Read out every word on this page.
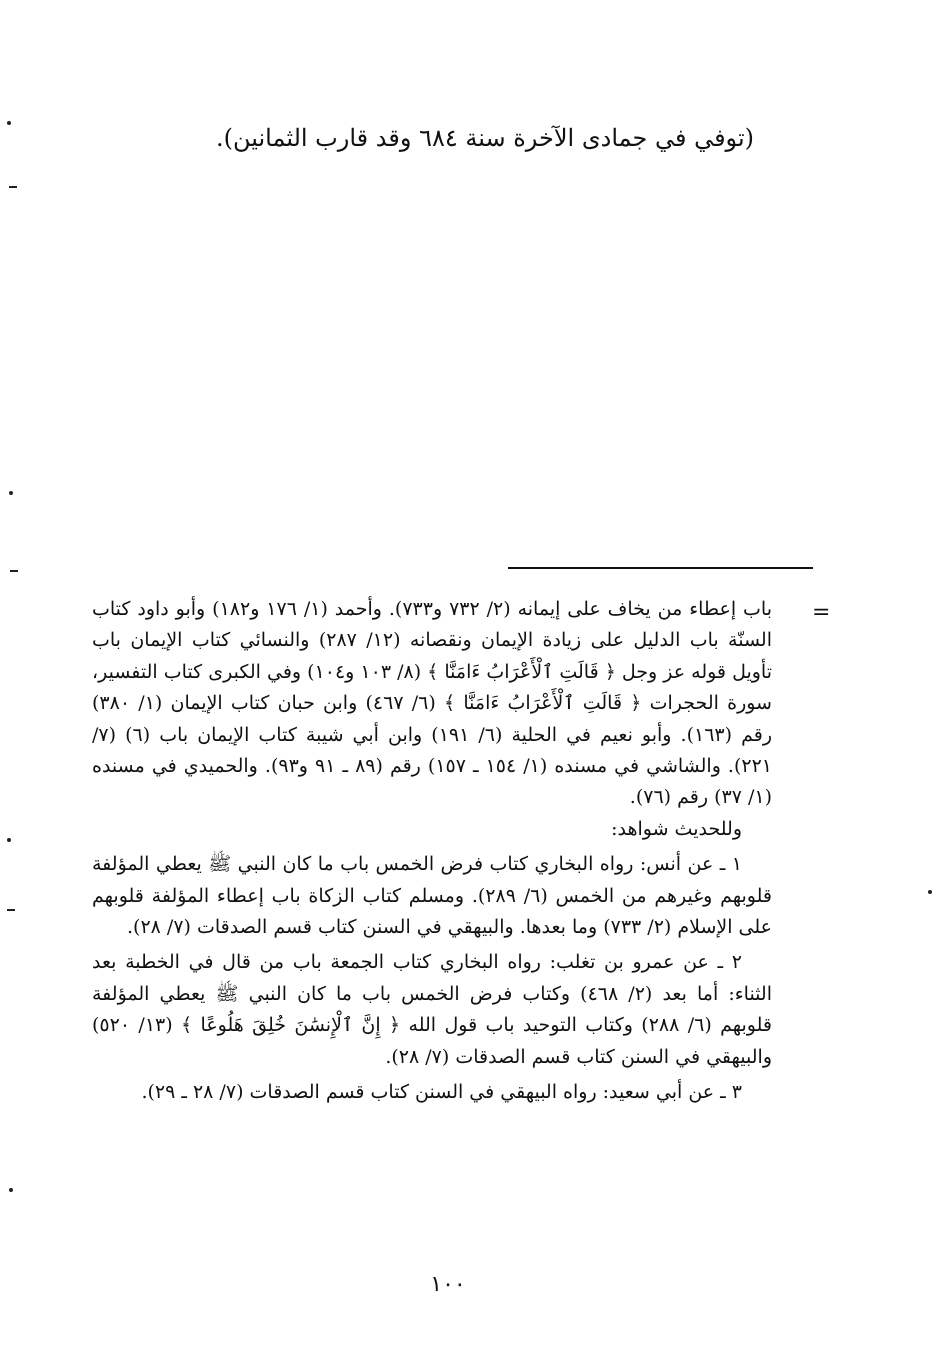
(توفي في جمادى الآخرة سنة ٦٨٤ وقد قارب الثمانين).
=

باب إعطاء من يخاف على إيمانه (٢/ ٧٣٢ و٧٣٣). وأحمد (١/ ١٧٦ و١٨٢) وأبو داود كتاب السنّة باب الدليل على زيادة الإيمان ونقصانه (١٢/ ٢٨٧) والنسائي كتاب الإيمان باب تأويل قوله عز وجل ﴿ قَالَتِ ٱلْأَعْرَابُ ءَامَنَّا ﴾ (٨/ ١٠٣ و١٠٤) وفي الكبرى كتاب التفسير، سورة الحجرات ﴿ قَالَتِ ٱلْأَعْرَابُ ءَامَنَّا ﴾ (٦/ ٤٦٧) وابن حبان كتاب الإيمان (١/ ٣٨٠) رقم (١٦٣). وأبو نعيم في الحلية (٦/ ١٩١) وابن أبي شيبة كتاب الإيمان باب (٦) (٧/ ٢٢١). والشاشي في مسنده (١/ ١٥٤ ـ ١٥٧) رقم (٨٩ ـ ٩١ و٩٣). والحميدي في مسنده (١/ ٣٧) رقم (٧٦).

وللحديث شواهد:

١ ـ عن أنس: رواه البخاري كتاب فرض الخمس باب ما كان النبي ﷺ يعطي المؤلفة قلوبهم وغيرهم من الخمس (٦/ ٢٨٩). ومسلم كتاب الزكاة باب إعطاء المؤلفة قلوبهم على الإسلام (٢/ ٧٣٣) وما بعدها. والبيهقي في السنن كتاب قسم الصدقات (٧/ ٢٨).

٢ ـ عن عمرو بن تغلب: رواه البخاري كتاب الجمعة باب من قال في الخطبة بعد الثناء: أما بعد (٢/ ٤٦٨) وكتاب فرض الخمس باب ما كان النبي ﷺ يعطي المؤلفة قلوبهم (٦/ ٢٨٨) وكتاب التوحيد باب قول الله ﴿ إِنَّ ٱلْإِنسَٰنَ خُلِقَ هَلُوعًا ﴾ (١٣/ ٥٢٠) والبيهقي في السنن كتاب قسم الصدقات (٧/ ٢٨).

٣ ـ عن أبي سعيد: رواه البيهقي في السنن كتاب قسم الصدقات (٧/ ٢٨ ـ ٢٩).

١٠٠
